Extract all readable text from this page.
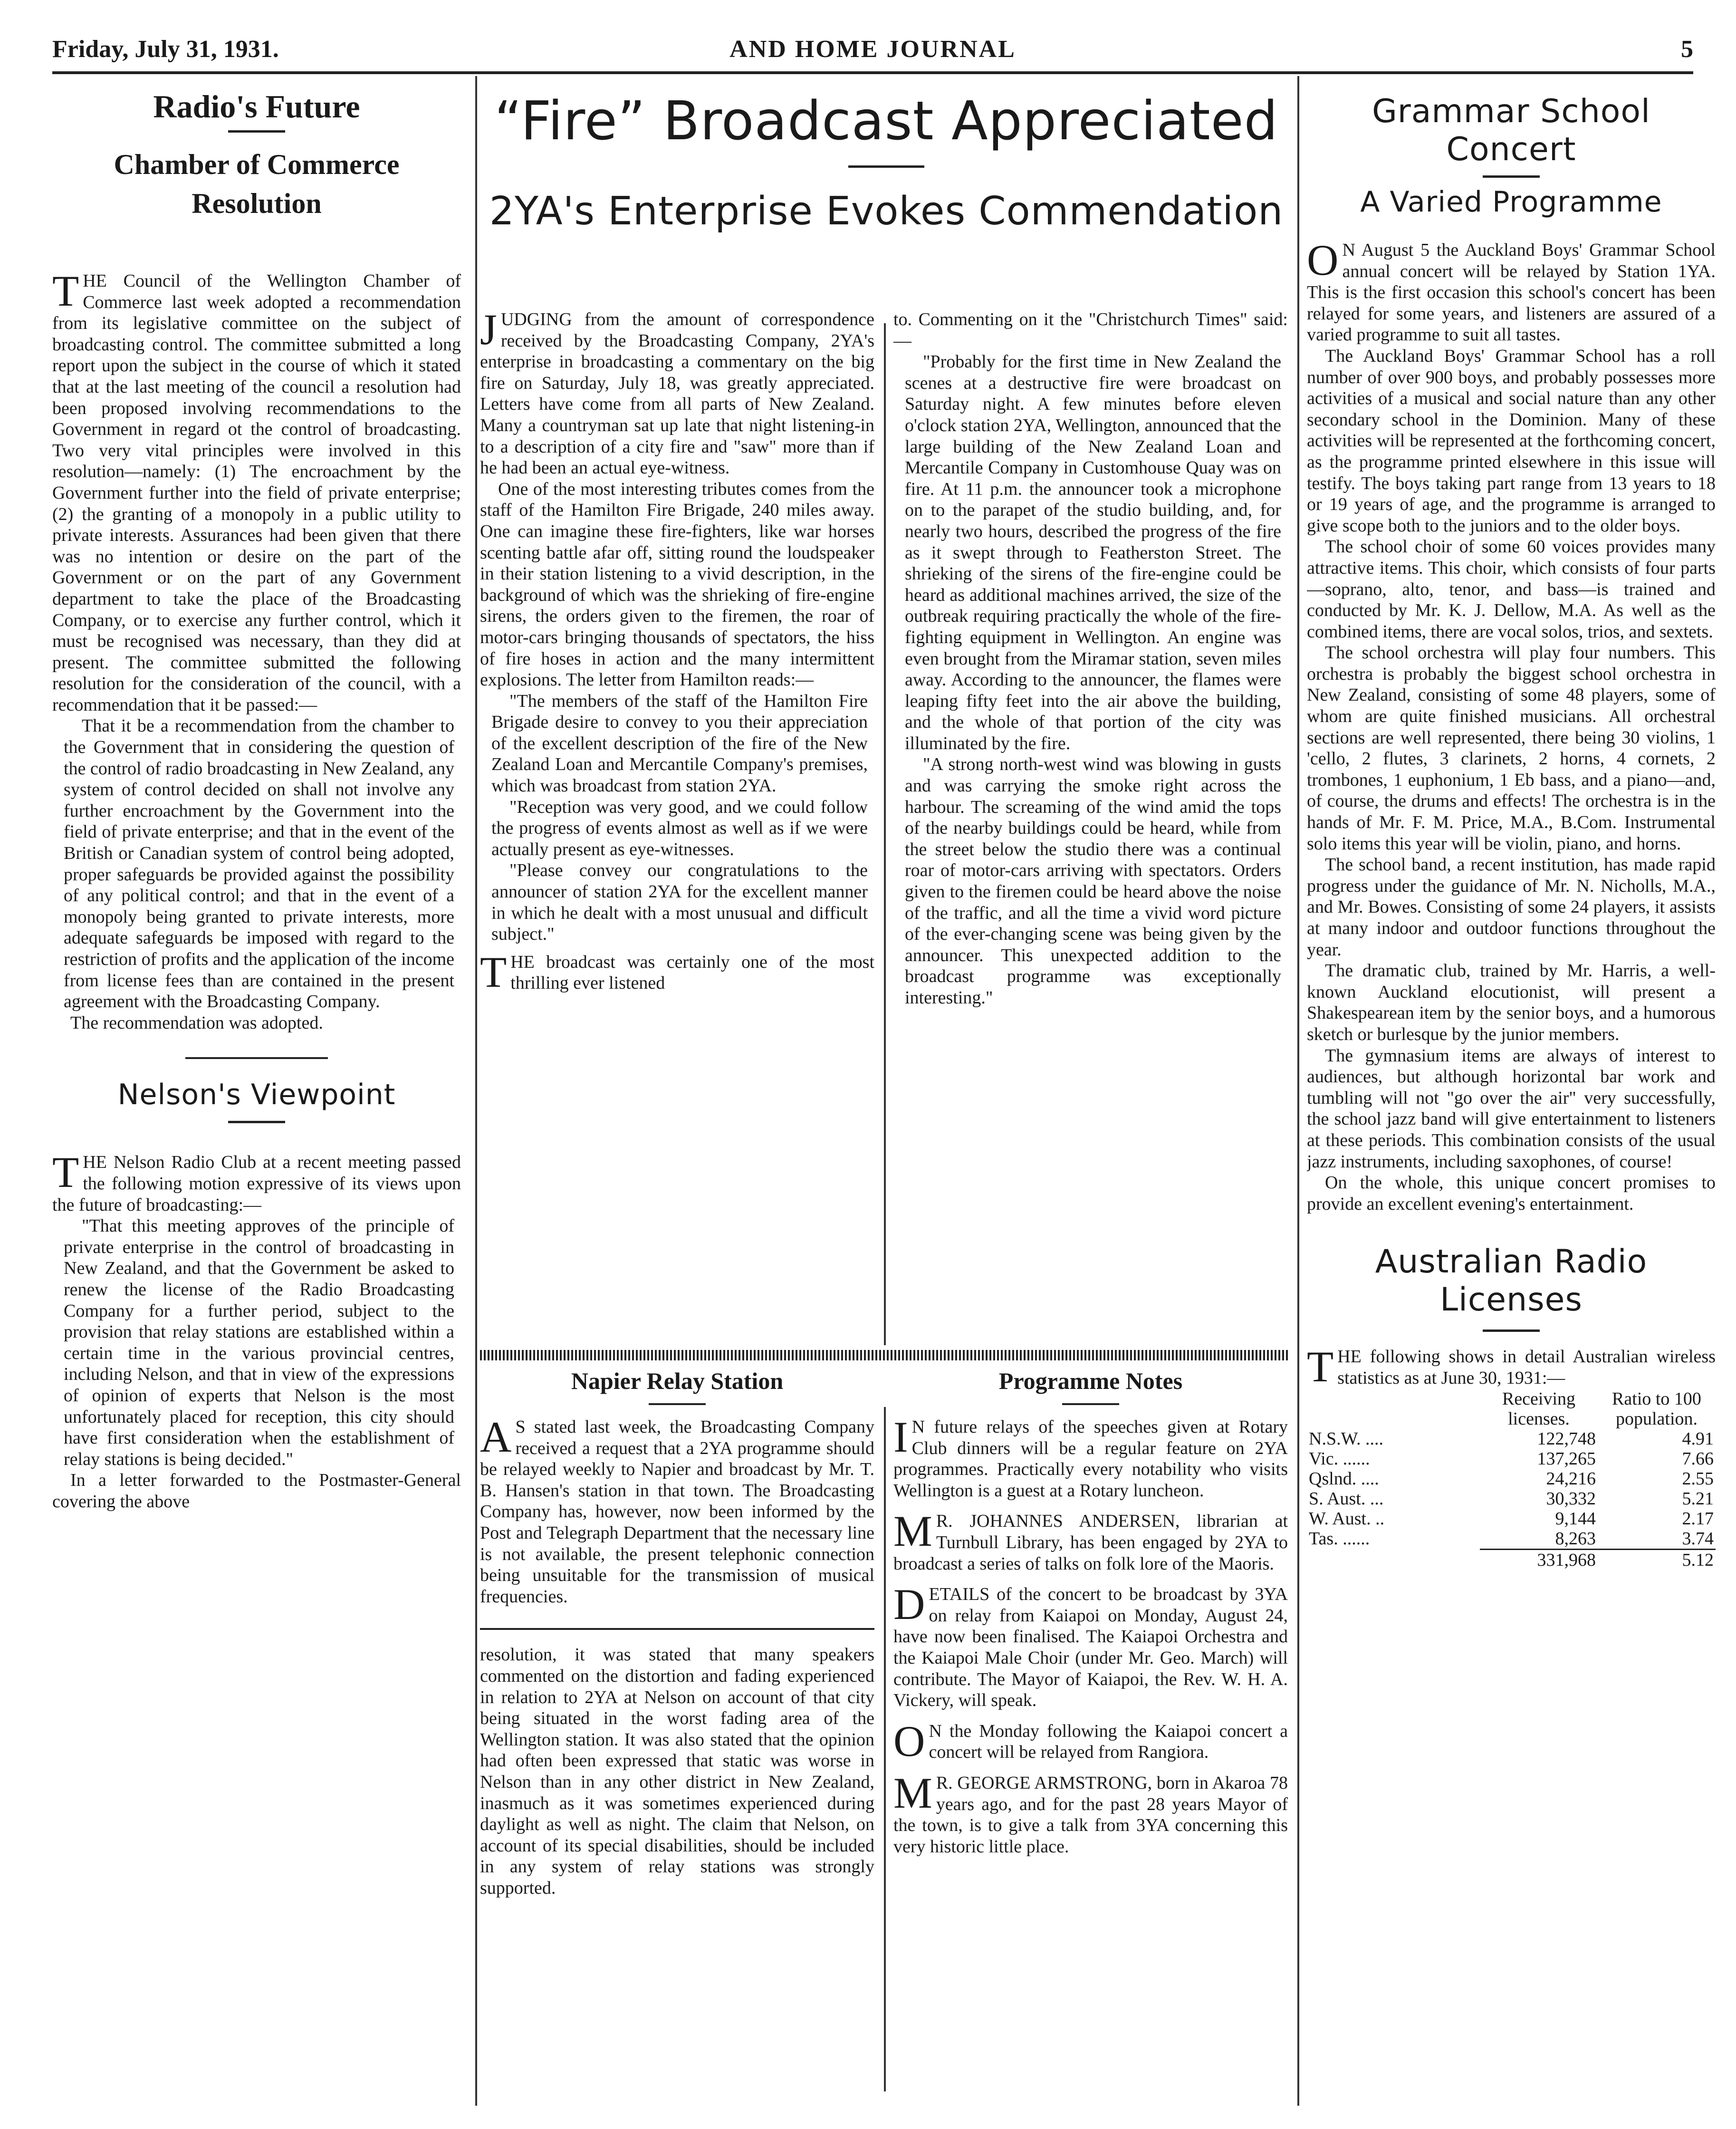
Friday, July 31, 1931.	AND HOME JOURNAL	5
Radio's Future
Chamber of Commerce Resolution

THE Council of the Wellington Chamber of Commerce last week adopted a recommendation from its legislative committee on the subject of broadcasting control. The committee submitted a long report upon the subject in the course of which it stated that at the last meeting of the council a resolution had been proposed involving recommendations to the Government in regard ot the control of broadcasting. Two very vital principles were involved in this resolution—namely: (1) The encroachment by the Government further into the field of private enterprise; (2) the granting of a monopoly in a public utility to private interests. Assurances had been given that there was no intention or desire on the part of the Government or on the part of any Government department to take the place of the Broadcasting Company, or to exercise any further control, which it must be recognised was necessary, than they did at present. The committee submitted the following resolution for the consideration of the council, with a recommendation that it be passed:—

That it be a recommendation from the chamber to the Government that in considering the question of the control of radio broadcasting in New Zealand, any system of control decided on shall not involve any further encroachment by the Government into the field of private enterprise; and that in the event of the British or Canadian system of control being adopted, proper safeguards be provided against the possibility of any political control; and that in the event of a monopoly being granted to private interests, more adequate safeguards be imposed with regard to the restriction of profits and the application of the income from license fees than are contained in the present agreement with the Broadcasting Company.

The recommendation was adopted.

Nelson's Viewpoint

THE Nelson Radio Club at a recent meeting passed the following motion expressive of its views upon the future of broadcasting:—

"That this meeting approves of the principle of private enterprise in the control of broadcasting in New Zealand, and that the Government be asked to renew the license of the Radio Broadcasting Company for a further period, subject to the provision that relay stations are established within a certain time in the various provincial centres, including Nelson, and that in view of the expressions of opinion of experts that Nelson is the most unfortunately placed for reception, this city should have first consideration when the establishment of relay stations is being decided."

In a letter forwarded to the Postmaster-General covering the above

“Fire” Broadcast Appreciated
2YA's Enterprise Evokes Commendation

JUDGING from the amount of correspondence received by the Broadcasting Company, 2YA's enterprise in broadcasting a commentary on the big fire on Saturday, July 18, was greatly appreciated. Letters have come from all parts of New Zealand. Many a countryman sat up late that night listening-in to a description of a city fire and "saw" more than if he had been an actual eye-witness.

One of the most interesting tributes comes from the staff of the Hamilton Fire Brigade, 240 miles away. One can imagine these fire-fighters, like war horses scenting battle afar off, sitting round the loudspeaker in their station listening to a vivid description, in the background of which was the shrieking of fire-engine sirens, the orders given to the firemen, the roar of motor-cars bringing thousands of spectators, the hiss of fire hoses in action and the many intermittent explosions. The letter from Hamilton reads:—

"The members of the staff of the Hamilton Fire Brigade desire to convey to you their appreciation of the excellent description of the fire of the New Zealand Loan and Mercantile Company's premises, which was broadcast from station 2YA.

"Reception was very good, and we could follow the progress of events almost as well as if we were actually present as eye-witnesses.

"Please convey our congratulations to the announcer of station 2YA for the excellent manner in which he dealt with a most unusual and difficult subject."

THE broadcast was certainly one of the most thrilling ever listened

to. Commenting on it the "Christchurch Times" said:—

"Probably for the first time in New Zealand the scenes at a destructive fire were broadcast on Saturday night. A few minutes before eleven o'clock station 2YA, Wellington, announced that the large building of the New Zealand Loan and Mercantile Company in Customhouse Quay was on fire. At 11 p.m. the announcer took a microphone on to the parapet of the studio building, and, for nearly two hours, described the progress of the fire as it swept through to Featherston Street. The shrieking of the sirens of the fire-engine could be heard as additional machines arrived, the size of the outbreak requiring practically the whole of the fire-fighting equipment in Wellington. An engine was even brought from the Miramar station, seven miles away. According to the announcer, the flames were leaping fifty feet into the air above the building, and the whole of that portion of the city was illuminated by the fire.

"A strong north-west wind was blowing in gusts and was carrying the smoke right across the harbour. The screaming of the wind amid the tops of the nearby buildings could be heard, while from the street below the studio there was a continual roar of motor-cars arriving with spectators. Orders given to the firemen could be heard above the noise of the traffic, and all the time a vivid word picture of the ever-changing scene was being given by the announcer. This unexpected addition to the broadcast programme was exceptionally interesting."

Napier Relay Station

AS stated last week, the Broadcasting Company received a request that a 2YA programme should be relayed weekly to Napier and broadcast by Mr. T. B. Hansen's station in that town. The Broadcasting Company has, however, now been informed by the Post and Telegraph Department that the necessary line is not available, the present telephonic connection being unsuitable for the transmission of musical frequencies.

resolution, it was stated that many speakers commented on the distortion and fading experienced in relation to 2YA at Nelson on account of that city being situated in the worst fading area of the Wellington station. It was also stated that the opinion had often been expressed that static was worse in Nelson than in any other district in New Zealand, inasmuch as it was sometimes experienced during daylight as well as night. The claim that Nelson, on account of its special disabilities, should be included in any system of relay stations was strongly supported.

Programme Notes

IN future relays of the speeches given at Rotary Club dinners will be a regular feature on 2YA programmes. Practically every notability who visits Wellington is a guest at a Rotary luncheon.

MR. JOHANNES ANDERSEN, librarian at Turnbull Library, has been engaged by 2YA to broadcast a series of talks on folk lore of the Maoris.

DETAILS of the concert to be broadcast by 3YA on relay from Kaiapoi on Monday, August 24, have now been finalised. The Kaiapoi Orchestra and the Kaiapoi Male Choir (under Mr. Geo. March) will contribute. The Mayor of Kaiapoi, the Rev. W. H. A. Vickery, will speak.

ON the Monday following the Kaiapoi concert a concert will be relayed from Rangiora.

MR. GEORGE ARMSTRONG, born in Akaroa 78 years ago, and for the past 28 years Mayor of the town, is to give a talk from 3YA concerning this very historic little place.

Grammar School Concert
A Varied Programme

ON August 5 the Auckland Boys' Grammar School annual concert will be relayed by Station 1YA. This is the first occasion this school's concert has been relayed for some years, and listeners are assured of a varied programme to suit all tastes.

The Auckland Boys' Grammar School has a roll number of over 900 boys, and probably possesses more activities of a musical and social nature than any other secondary school in the Dominion. Many of these activities will be represented at the forthcoming concert, as the programme printed elsewhere in this issue will testify. The boys taking part range from 13 years to 18 or 19 years of age, and the programme is arranged to give scope both to the juniors and to the older boys.

The school choir of some 60 voices provides many attractive items. This choir, which consists of four parts—soprano, alto, tenor, and bass—is trained and conducted by Mr. K. J. Dellow, M.A. As well as the combined items, there are vocal solos, trios, and sextets.

The school orchestra will play four numbers. This orchestra is probably the biggest school orchestra in New Zealand, consisting of some 48 players, some of whom are quite finished musicians. All orchestral sections are well represented, there being 30 violins, 1 'cello, 2 flutes, 3 clarinets, 2 horns, 4 cornets, 2 trombones, 1 euphonium, 1 Eb bass, and a piano—and, of course, the drums and effects! The orchestra is in the hands of Mr. F. M. Price, M.A., B.Com. Instrumental solo items this year will be violin, piano, and horns.

The school band, a recent institution, has made rapid progress under the guidance of Mr. N. Nicholls, M.A., and Mr. Bowes. Consisting of some 24 players, it assists at many indoor and outdoor functions throughout the year.

The dramatic club, trained by Mr. Harris, a well-known Auckland elocutionist, will present a Shakespearean item by the senior boys, and a humorous sketch or burlesque by the junior members.

The gymnasium items are always of interest to audiences, but although horizontal bar work and tumbling will not "go over the air" very successfully, the school jazz band will give entertainment to listeners at these periods. This combination consists of the usual jazz instruments, including saxophones, of course!

On the whole, this unique concert promises to provide an excellent evening's entertainment.

Australian Radio Licenses

THE following shows in detail Australian wireless statistics as at June 30, 1931:—

	Receiving licenses.	Ratio to 100 population.
N.S.W. ....	122,748	4.91
Vic. ......	137,265	7.66
Qslnd. ....	24,216	2.55
S. Aust. ...	30,332	5.21
W. Aust. ..	9,144	2.17
Tas. ......	8,263	3.74
	331,968	5.12
